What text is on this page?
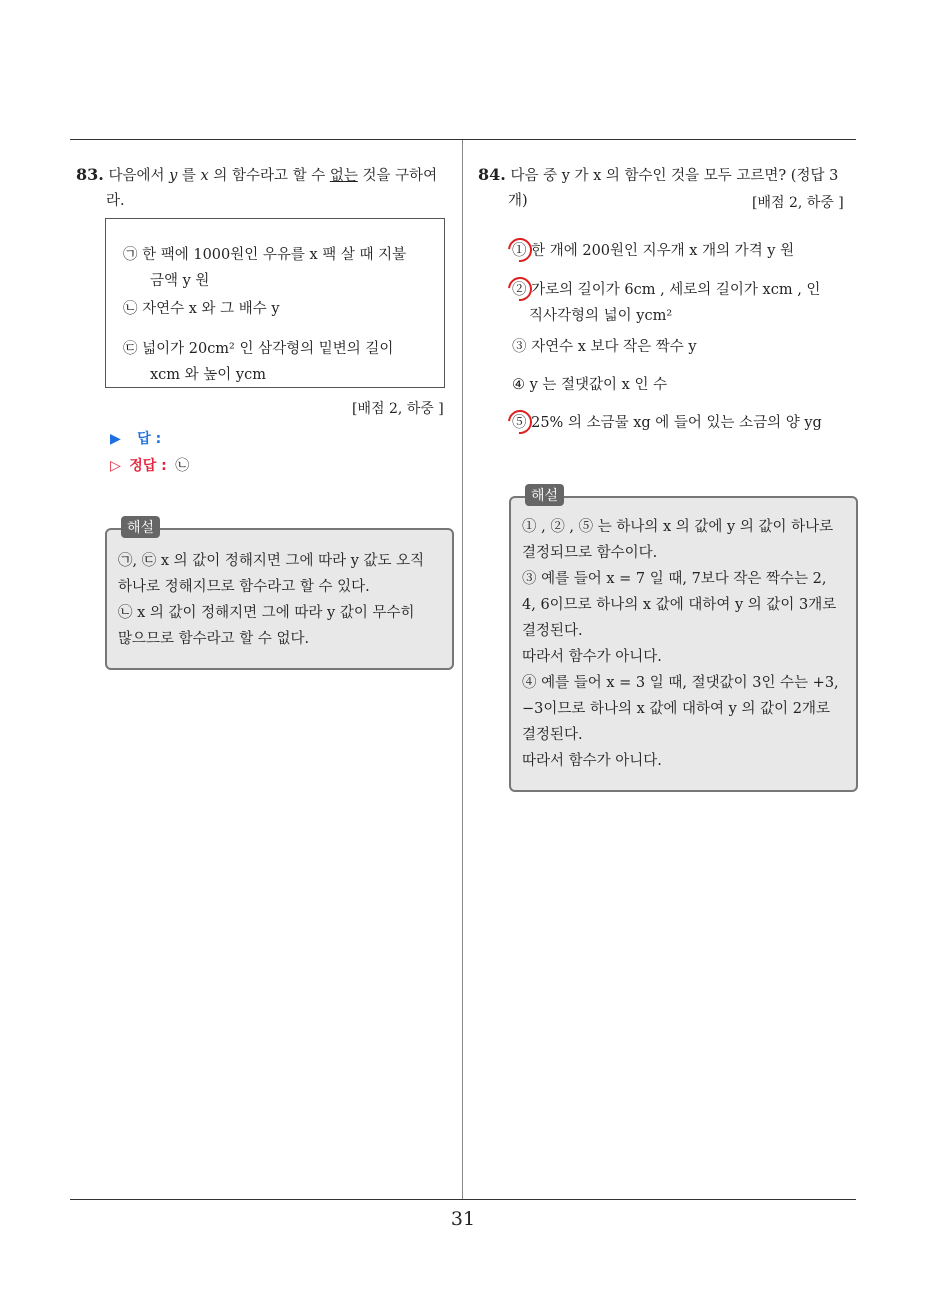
31
83. 다음에서 y 를 x 의 함수라고 할 수 없는 것을 구하여
라.
㉠ 한 팩에 1000원인 우유를 x 팩 살 때 지불
금액 y 원
㉡ 자연수 x 와 그 배수 y
㉢ 넓이가 20cm² 인 삼각형의 밑변의 길이
xcm 와 높이 ycm
[배점 2, 하중 ]
▶ 답 :
▷ 정답 : ㉡
해설
㉠, ㉢ x 의 값이 정해지면 그에 따라 y 값도 오직
하나로 정해지므로 함수라고 할 수 있다.
㉡ x 의 값이 정해지면 그에 따라 y 값이 무수히
많으므로 함수라고 할 수 없다.
84. 다음 중 y 가 x 의 함수인 것을 모두 고르면? (정답 3
개)	[배점 2, 하중 ]
① 한 개에 200원인 지우개 x 개의 가격 y 원
② 가로의 길이가 6cm , 세로의 길이가 xcm , 인
직사각형의 넓이 ycm²
③ 자연수 x 보다 작은 짝수 y
④ y 는 절댓값이 x 인 수
⑤ 25% 의 소금물 xg 에 들어 있는 소금의 양 yg
해설
① , ② , ⑤ 는 하나의 x 의 값에 y 의 값이 하나로
결정되므로 함수이다.
③ 예를 들어 x = 7 일 때, 7보다 작은 짝수는 2,
4, 6이므로 하나의 x 값에 대하여 y 의 값이 3개로
결정된다.
따라서 함수가 아니다.
④ 예를 들어 x = 3 일 때, 절댓값이 3인 수는 +3,
−3이므로 하나의 x 값에 대하여 y 의 값이 2개로
결정된다.
따라서 함수가 아니다.
